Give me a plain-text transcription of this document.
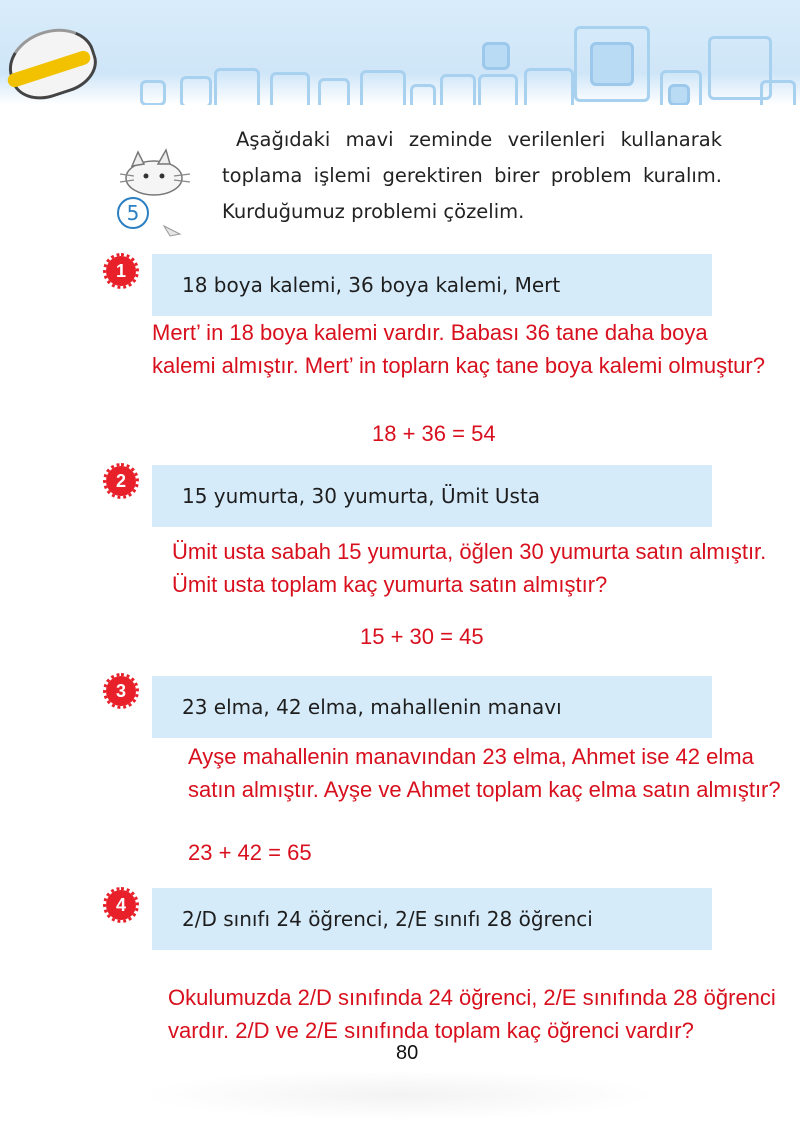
5
Aşağıdaki mavi zeminde verilenleri kullanarak toplama işlemi gerektiren birer problem kuralım. Kurduğumuz problemi çözelim.
1
18 boya kalemi, 36 boya kalemi, Mert
Mert’ in 18 boya kalemi vardır. Babası 36 tane daha boya kalemi almıştır. Mert’ in toplarn kaç tane boya kalemi olmuştur?
18 + 36 = 54
2
15 yumurta, 30 yumurta, Ümit Usta
Ümit usta sabah 15 yumurta, öğlen 30 yumurta satın almıştır. Ümit usta toplam kaç yumurta satın almıştır?
15 + 30 = 45
3
23 elma, 42 elma, mahallenin manavı
Ayşe mahallenin manavından 23 elma, Ahmet ise 42 elma satın almıştır. Ayşe ve Ahmet toplam kaç elma satın almıştır?
23 + 42 = 65
4
2/D sınıfı 24 öğrenci, 2/E sınıfı 28 öğrenci
Okulumuzda 2/D sınıfında 24 öğrenci, 2/E sınıfında 28 öğrenci vardır. 2/D ve 2/E sınıfında toplam kaç öğrenci vardır?
80
